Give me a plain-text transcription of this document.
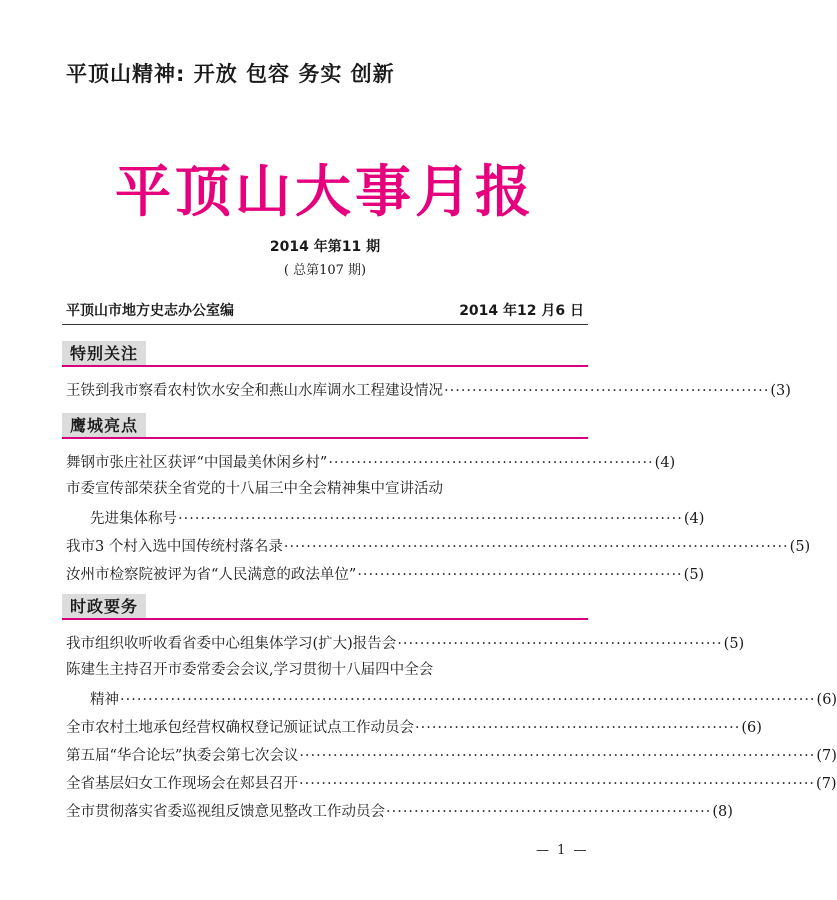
平顶山精神: 开放 包容 务实 创新
平顶山大事月报
2014 年第11 期
( 总第107 期)
平顶山市地方史志办公室编	2014 年12 月6 日
特别关注
王铁到我市察看农村饮水安全和燕山水库调水工程建设情况 ·························································· (3)
鹰城亮点
舞钢市张庄社区获评“中国最美休闲乡村” ·························································· (4)
市委宣传部荣获全省党的十八届三中全会精神集中宣讲活动
先进集体称号 ·························································································· (4)
我市3 个村入选中国传统村落名录 ·························································································· (5)
汝州市检察院被评为省“人民满意的政法单位” ·························································· (5)
时政要务
我市组织收听收看省委中心组集体学习(扩大)报告会 ·························································· (5)
陈建生主持召开市委常委会会议,学习贯彻十八届四中全会
精神 ···························································································································· (6)
全市农村土地承包经营权确权登记颁证试点工作动员会 ·························································· (6)
第五届“华合论坛”执委会第七次会议 ···························································································· (7)
全省基层妇女工作现场会在郏县召开 ···························································································· (7)
全市贯彻落实省委巡视组反馈意见整改工作动员会 ·························································· (8)
— 1 —
